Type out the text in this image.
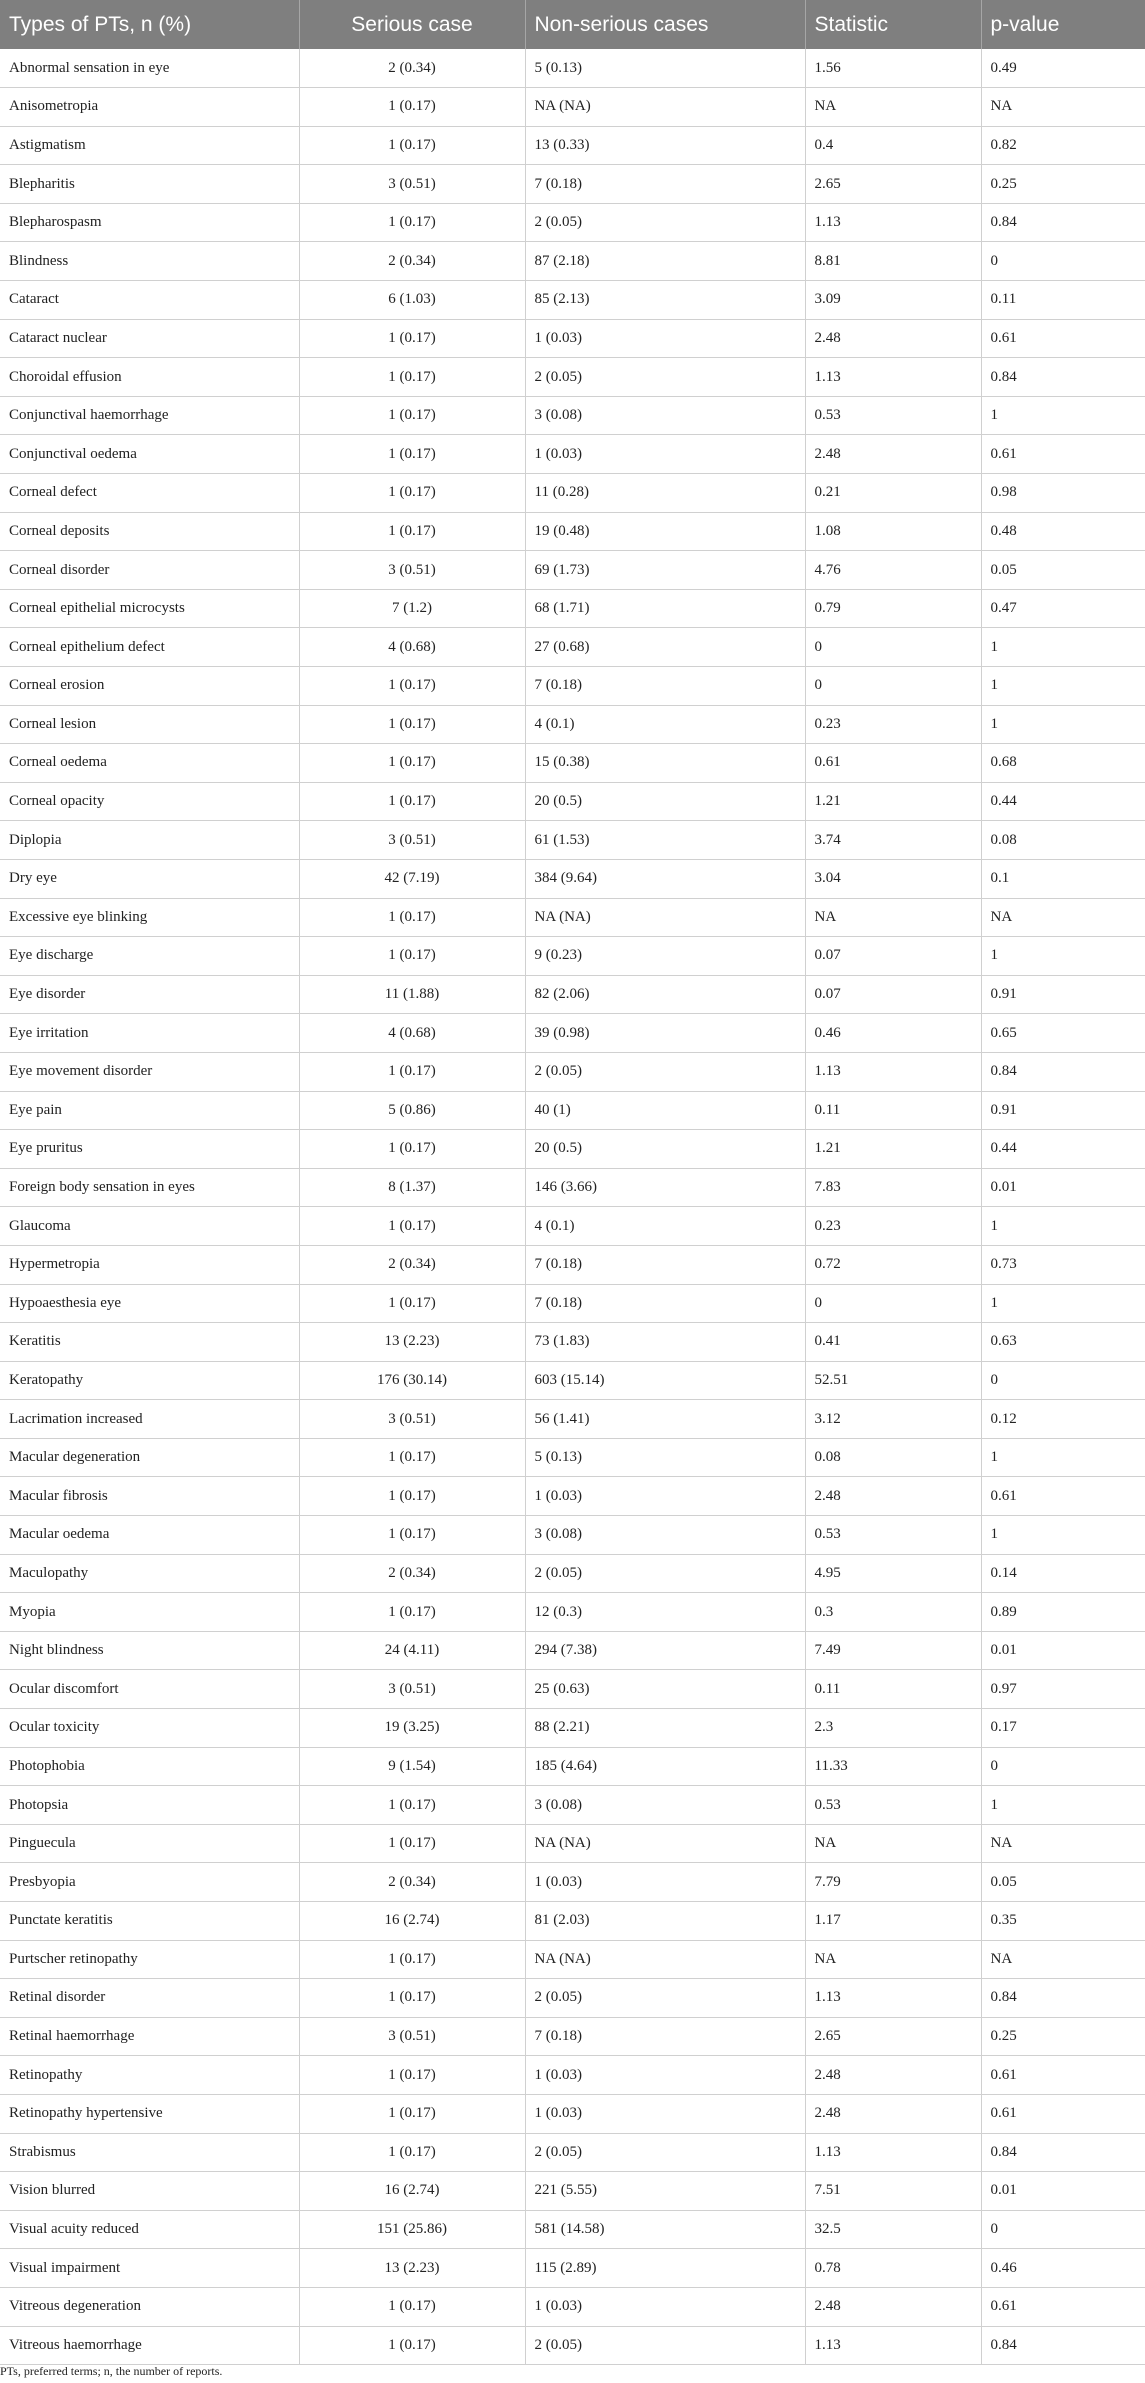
Types of PTs, n (%)	Serious case	Non-serious cases	Statistic	p-value
Abnormal sensation in eye	2 (0.34)	5 (0.13)	1.56	0.49
Anisometropia	1 (0.17)	NA (NA)	NA	NA
Astigmatism	1 (0.17)	13 (0.33)	0.4	0.82
Blepharitis	3 (0.51)	7 (0.18)	2.65	0.25
Blepharospasm	1 (0.17)	2 (0.05)	1.13	0.84
Blindness	2 (0.34)	87 (2.18)	8.81	0
Cataract	6 (1.03)	85 (2.13)	3.09	0.11
Cataract nuclear	1 (0.17)	1 (0.03)	2.48	0.61
Choroidal effusion	1 (0.17)	2 (0.05)	1.13	0.84
Conjunctival haemorrhage	1 (0.17)	3 (0.08)	0.53	1
Conjunctival oedema	1 (0.17)	1 (0.03)	2.48	0.61
Corneal defect	1 (0.17)	11 (0.28)	0.21	0.98
Corneal deposits	1 (0.17)	19 (0.48)	1.08	0.48
Corneal disorder	3 (0.51)	69 (1.73)	4.76	0.05
Corneal epithelial microcysts	7 (1.2)	68 (1.71)	0.79	0.47
Corneal epithelium defect	4 (0.68)	27 (0.68)	0	1
Corneal erosion	1 (0.17)	7 (0.18)	0	1
Corneal lesion	1 (0.17)	4 (0.1)	0.23	1
Corneal oedema	1 (0.17)	15 (0.38)	0.61	0.68
Corneal opacity	1 (0.17)	20 (0.5)	1.21	0.44
Diplopia	3 (0.51)	61 (1.53)	3.74	0.08
Dry eye	42 (7.19)	384 (9.64)	3.04	0.1
Excessive eye blinking	1 (0.17)	NA (NA)	NA	NA
Eye discharge	1 (0.17)	9 (0.23)	0.07	1
Eye disorder	11 (1.88)	82 (2.06)	0.07	0.91
Eye irritation	4 (0.68)	39 (0.98)	0.46	0.65
Eye movement disorder	1 (0.17)	2 (0.05)	1.13	0.84
Eye pain	5 (0.86)	40 (1)	0.11	0.91
Eye pruritus	1 (0.17)	20 (0.5)	1.21	0.44
Foreign body sensation in eyes	8 (1.37)	146 (3.66)	7.83	0.01
Glaucoma	1 (0.17)	4 (0.1)	0.23	1
Hypermetropia	2 (0.34)	7 (0.18)	0.72	0.73
Hypoaesthesia eye	1 (0.17)	7 (0.18)	0	1
Keratitis	13 (2.23)	73 (1.83)	0.41	0.63
Keratopathy	176 (30.14)	603 (15.14)	52.51	0
Lacrimation increased	3 (0.51)	56 (1.41)	3.12	0.12
Macular degeneration	1 (0.17)	5 (0.13)	0.08	1
Macular fibrosis	1 (0.17)	1 (0.03)	2.48	0.61
Macular oedema	1 (0.17)	3 (0.08)	0.53	1
Maculopathy	2 (0.34)	2 (0.05)	4.95	0.14
Myopia	1 (0.17)	12 (0.3)	0.3	0.89
Night blindness	24 (4.11)	294 (7.38)	7.49	0.01
Ocular discomfort	3 (0.51)	25 (0.63)	0.11	0.97
Ocular toxicity	19 (3.25)	88 (2.21)	2.3	0.17
Photophobia	9 (1.54)	185 (4.64)	11.33	0
Photopsia	1 (0.17)	3 (0.08)	0.53	1
Pinguecula	1 (0.17)	NA (NA)	NA	NA
Presbyopia	2 (0.34)	1 (0.03)	7.79	0.05
Punctate keratitis	16 (2.74)	81 (2.03)	1.17	0.35
Purtscher retinopathy	1 (0.17)	NA (NA)	NA	NA
Retinal disorder	1 (0.17)	2 (0.05)	1.13	0.84
Retinal haemorrhage	3 (0.51)	7 (0.18)	2.65	0.25
Retinopathy	1 (0.17)	1 (0.03)	2.48	0.61
Retinopathy hypertensive	1 (0.17)	1 (0.03)	2.48	0.61
Strabismus	1 (0.17)	2 (0.05)	1.13	0.84
Vision blurred	16 (2.74)	221 (5.55)	7.51	0.01
Visual acuity reduced	151 (25.86)	581 (14.58)	32.5	0
Visual impairment	13 (2.23)	115 (2.89)	0.78	0.46
Vitreous degeneration	1 (0.17)	1 (0.03)	2.48	0.61
Vitreous haemorrhage	1 (0.17)	2 (0.05)	1.13	0.84
PTs, preferred terms; n, the number of reports.
